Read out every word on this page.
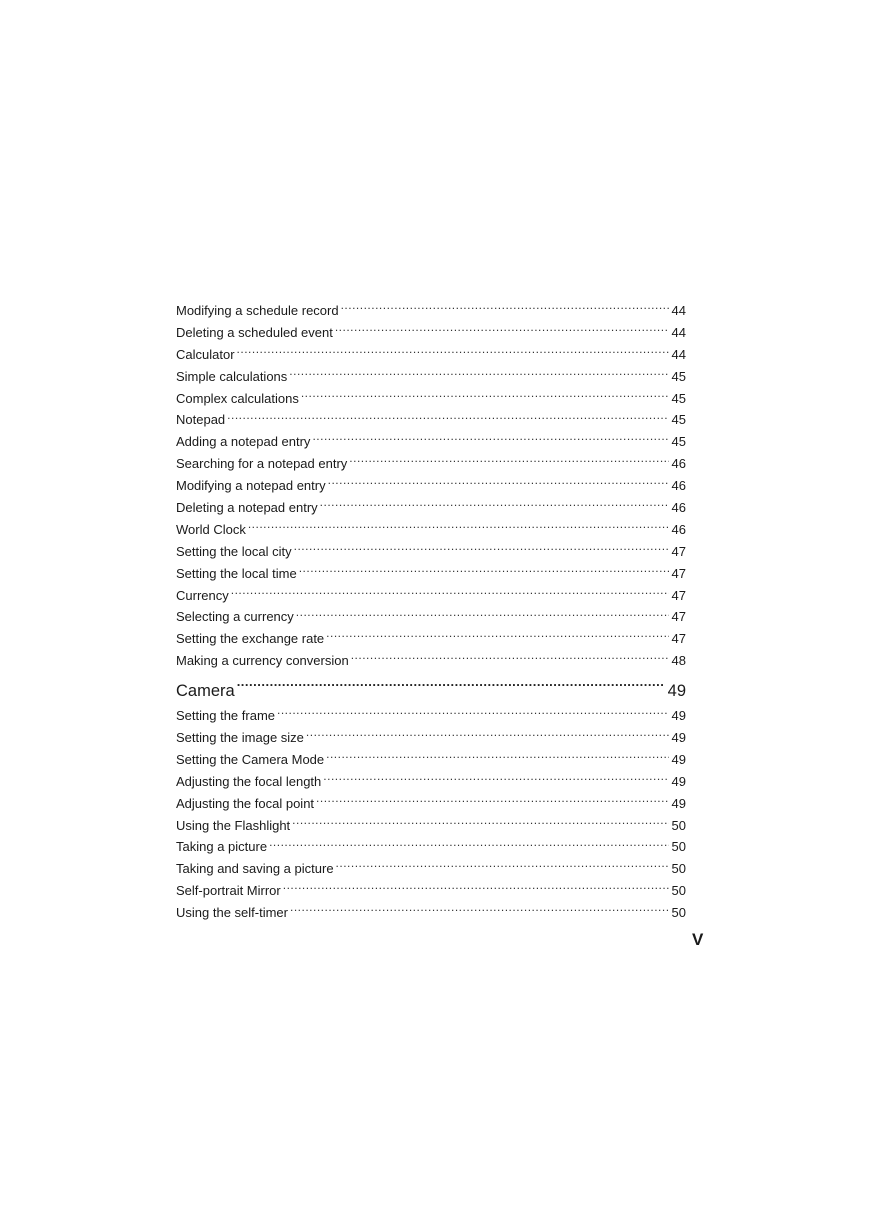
Modifying a schedule record .....	44
Deleting a scheduled event .....	44
Calculator .....	44
Simple calculations .....	45
Complex calculations .....	45
Notepad .....	45
Adding a notepad entry .....	45
Searching for a notepad entry .....	46
Modifying a notepad entry .....	46
Deleting a notepad entry .....	46
World Clock .....	46
Setting the local city .....	47
Setting the local time .....	47
Currency .....	47
Selecting a currency .....	47
Setting the exchange rate .....	47
Making a currency conversion .....	48
Camera .....	49
Setting the frame .....	49
Setting the image size .....	49
Setting the Camera Mode .....	49
Adjusting the focal length .....	49
Adjusting the focal point .....	49
Using the Flashlight .....	50
Taking a picture .....	50
Taking and saving a picture .....	50
Self-portrait Mirror .....	50
Using the self-timer .....	50
V
